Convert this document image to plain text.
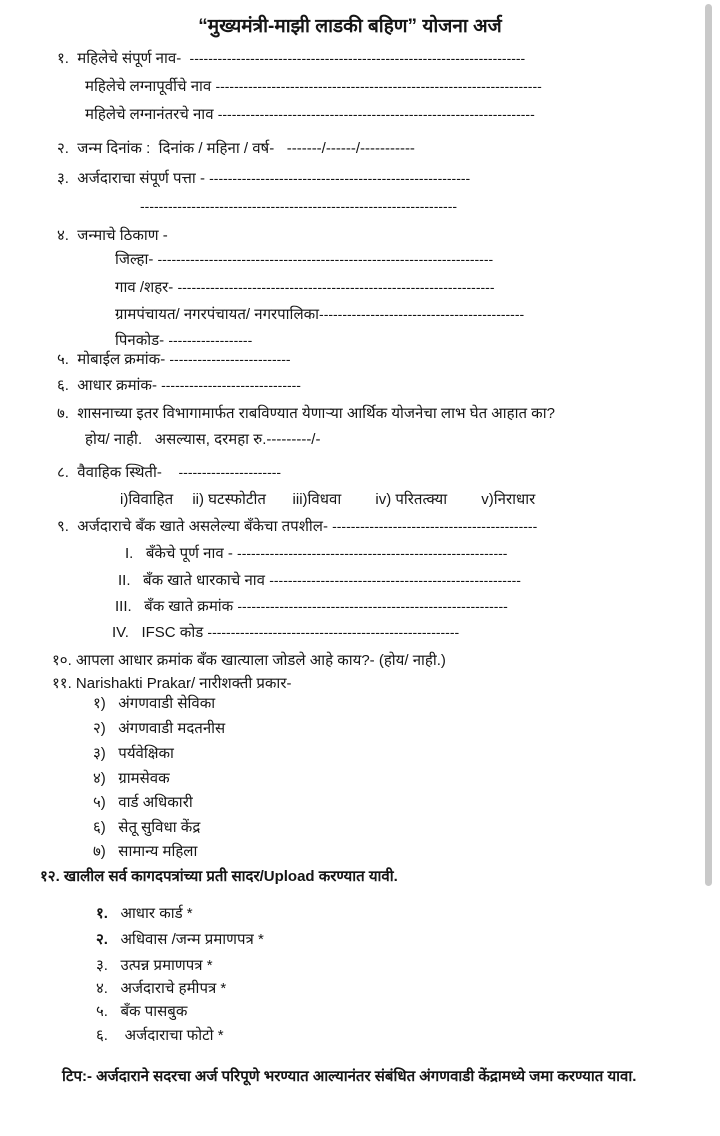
“मुख्यमंत्री-माझी लाडकी बहिण” योजना अर्ज
१.  महिलेचे संपूर्ण नाव-  ------------------------------------------------------------------------
महिलेचे लग्नापूर्वीचे नाव ----------------------------------------------------------------------
महिलेचे लग्नानंतरचे नाव --------------------------------------------------------------------
२.  जन्म दिनांक :  दिनांक / महिना / वर्ष-   -------/------/-----------
३.  अर्जदाराचा संपूर्ण पत्ता - --------------------------------------------------------
--------------------------------------------------------------------
४.  जन्माचे ठिकाण -
जिल्हा- ------------------------------------------------------------------------
गाव /शहर- --------------------------------------------------------------------
ग्रामपंचायत/ नगरपंचायत/ नगरपालिका--------------------------------------------
पिनकोड- ------------------
५.  मोबाईल क्रमांक- --------------------------
६.  आधार क्रमांक- ------------------------------
७.  शासनाच्या इतर विभागामार्फत राबविण्यात येणाऱ्या आर्थिक योजनेचा लाभ घेत आहात का?
होय/ नाही.   असल्यास, दरमहा रु.---------/-
८.  वैवाहिक स्थिती-    ----------------------
i)विवाहित  ii) घटस्फोटीत   iii)विधवा   iv) परितत्क्या   v)निराधार
९.  अर्जदाराचे बँक खाते असलेल्या बँकेचा तपशील- --------------------------------------------
I.   बँकेचे पूर्ण नाव - ----------------------------------------------------------
II.   बँक खाते धारकाचे नाव ------------------------------------------------------
III.   बँक खाते क्रमांक ----------------------------------------------------------
IV.   IFSC कोड ------------------------------------------------------
१०. आपला आधार क्रमांक बँक खात्याला जोडले आहे काय?- (होय/ नाही.)
११. Narishakti Prakar/ नारीशक्ती प्रकार-
१)   अंगणवाडी सेविका
२)   अंगणवाडी मदतनीस
३)   पर्यवेक्षिका
४)   ग्रामसेवक
५)   वार्ड अधिकारी
६)   सेतू सुविधा केंद्र
७)   सामान्य महिला
१२. खालील सर्व कागदपत्रांच्या प्रती सादर/Upload करण्यात यावी.
१.   आधार कार्ड *
२.   अधिवास /जन्म प्रमाणपत्र *
३.   उत्पन्न प्रमाणपत्र *
४.   अर्जदाराचे हमीपत्र *
५.   बँक पासबुक
६.    अर्जदाराचा फोटो *
टिप:- अर्जदाराने सदरचा अर्ज परिपूणे भरण्यात आल्यानंतर संबंधित अंगणवाडी केंद्रामध्ये जमा करण्यात यावा.
